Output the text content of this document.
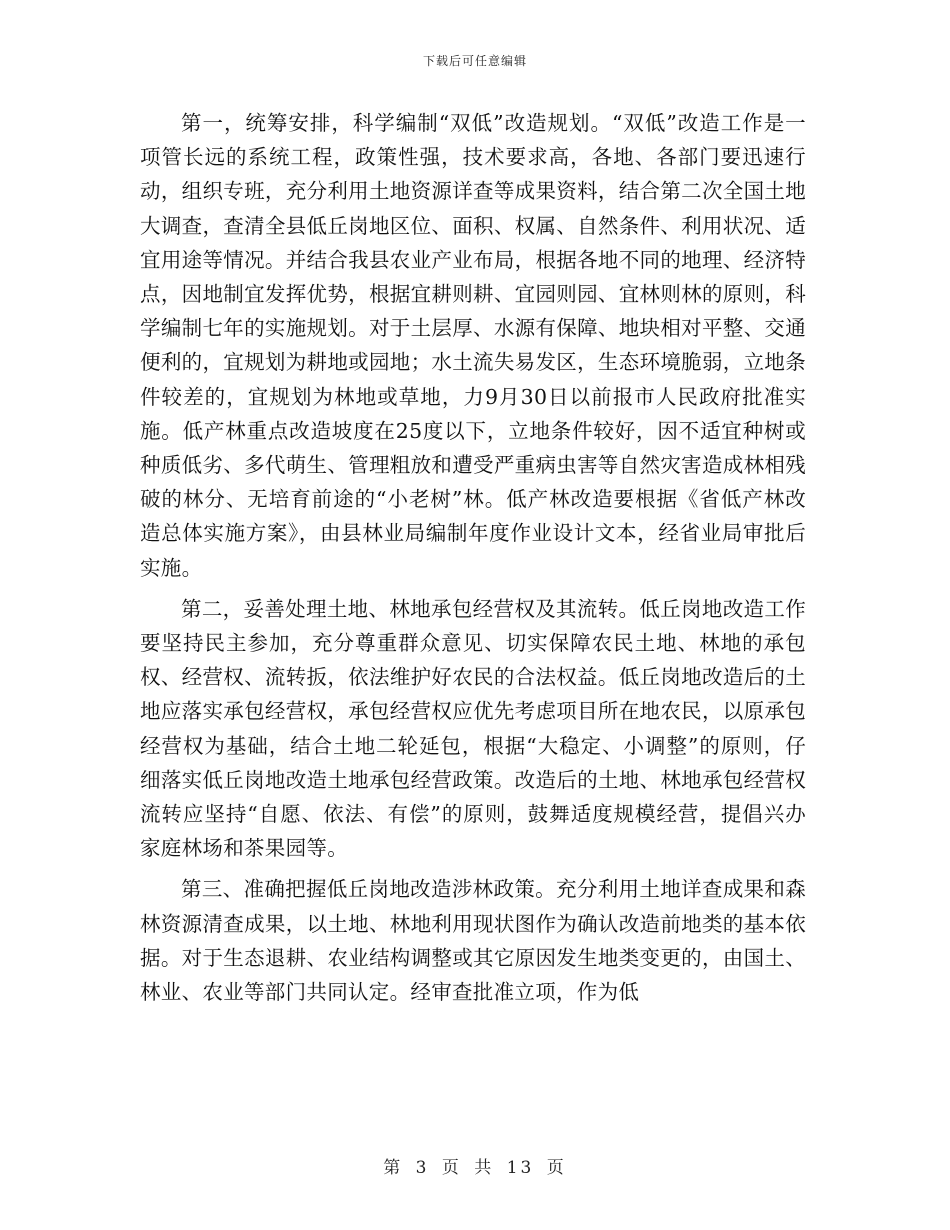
下载后可任意编辑

第一，统筹安排，科学编制“双低”改造规划。“双低”改造工作是一项管长远的系统工程，政策性强，技术要求高，各地、各部门要迅速行动，组织专班，充分利用土地资源详查等成果资料，结合第二次全国土地大调查，查清全县低丘岗地区位、面积、权属、自然条件、利用状况、适宜用途等情况。并结合我县农业产业布局，根据各地不同的地理、经济特点，因地制宜发挥优势，根据宜耕则耕、宜园则园、宜林则林的原则，科学编制七年的实施规划。对于土层厚、水源有保障、地块相对平整、交通便利的，宜规划为耕地或园地；水土流失易发区，生态环境脆弱，立地条件较差的，宜规划为林地或草地，力9月30日以前报市人民政府批准实施。低产林重点改造坡度在25度以下，立地条件较好，因不适宜种树或种质低劣、多代萌生、管理粗放和遭受严重病虫害等自然灾害造成林相残破的林分、无培育前途的“小老树”林。低产林改造要根据《省低产林改造总体实施方案》，由县林业局编制年度作业设计文本，经省业局审批后实施。

第二，妥善处理土地、林地承包经营权及其流转。低丘岗地改造工作要坚持民主参加，充分尊重群众意见、切实保障农民土地、林地的承包权、经营权、流转扳，依法维护好农民的合法权益。低丘岗地改造后的土地应落实承包经营权，承包经营权应优先考虑项目所在地农民，以原承包经营权为基础，结合土地二轮延包，根据“大稳定、小调整”的原则，仔细落实低丘岗地改造土地承包经营政策。改造后的土地、林地承包经营权流转应坚持“自愿、依法、有偿”的原则，鼓舞适度规模经营，提倡兴办家庭林场和茶果园等。

第三、准确把握低丘岗地改造涉林政策。充分利用土地详查成果和森林资源清查成果，以土地、林地利用现状图作为确认改造前地类的基本依据。对于生态退耕、农业结构调整或其它原因发生地类变更的，由国土、林业、农业等部门共同认定。经审查批准立项，作为低

第 3 页 共 13 页
